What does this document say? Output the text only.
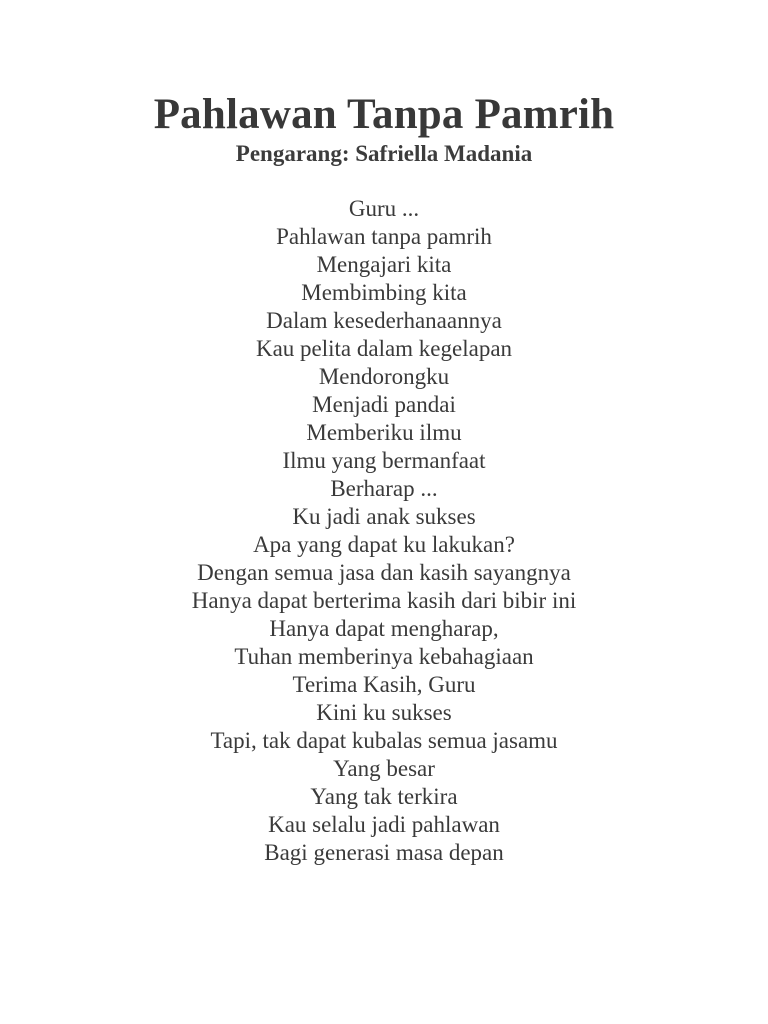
Pahlawan Tanpa Pamrih
Pengarang: Safriella Madania
Guru ...
Pahlawan tanpa pamrih
Mengajari kita
Membimbing kita
Dalam kesederhanaannya
Kau pelita dalam kegelapan
Mendorongku
Menjadi pandai
Memberiku ilmu
Ilmu yang bermanfaat
Berharap ...
Ku jadi anak sukses
Apa yang dapat ku lakukan?
Dengan semua jasa dan kasih sayangnya
Hanya dapat berterima kasih dari bibir ini
Hanya dapat mengharap,
Tuhan memberinya kebahagiaan
Terima Kasih, Guru
Kini ku sukses
Tapi, tak dapat kubalas semua jasamu
Yang besar
Yang tak terkira
Kau selalu jadi pahlawan
Bagi generasi masa depan
